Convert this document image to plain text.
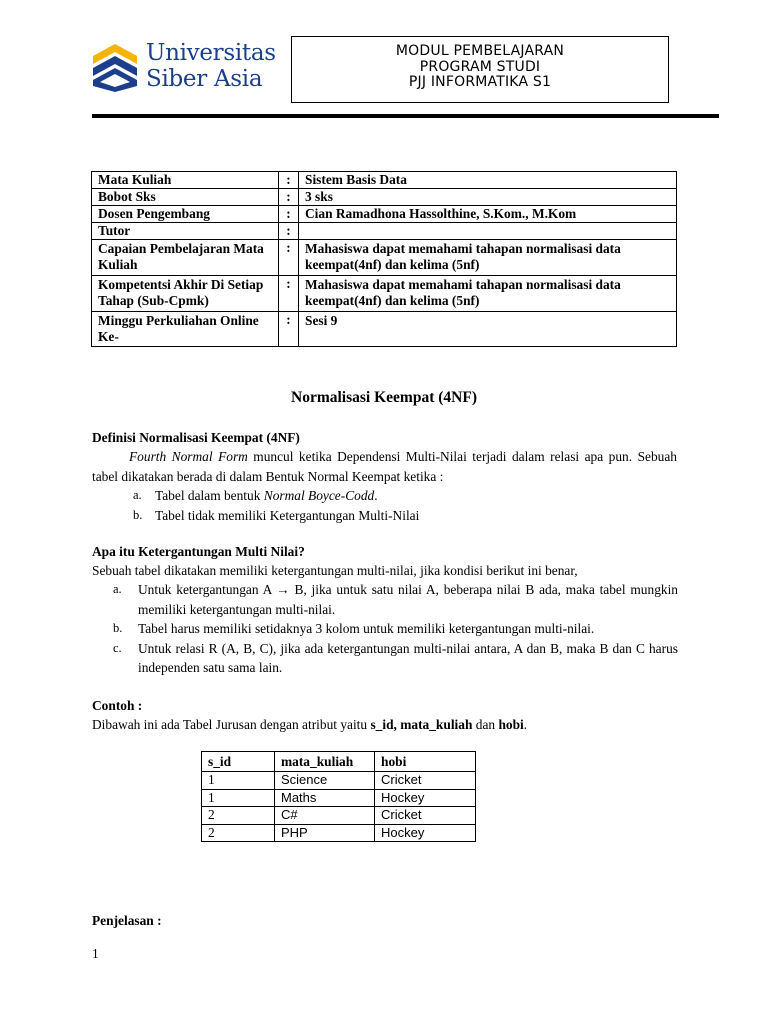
Universitas
Siber Asia
MODUL PEMBELAJARAN
PROGRAM STUDI
PJJ INFORMATIKA S1
Mata Kuliah	:	Sistem Basis Data
Bobot Sks	:	3 sks
Dosen Pengembang	:	Cian Ramadhona Hassolthine, S.Kom., M.Kom
Tutor	:	
Capaian Pembelajaran Mata Kuliah	:	Mahasiswa dapat memahami tahapan normalisasi data keempat(4nf) dan kelima (5nf)
Kompetentsi Akhir Di Setiap Tahap (Sub-Cpmk)	:	Mahasiswa dapat memahami tahapan normalisasi data keempat(4nf) dan kelima (5nf)
Minggu Perkuliahan Online Ke-	:	Sesi 9
Normalisasi Keempat (4NF)
Definisi Normalisasi Keempat (4NF)
Fourth Normal Form muncul ketika Dependensi Multi-Nilai terjadi dalam relasi apa pun. Sebuah tabel dikatakan berada di dalam Bentuk Normal Keempat ketika :
a. Tabel dalam bentuk Normal Boyce-Codd.
b. Tabel tidak memiliki Ketergantungan Multi-Nilai
Apa itu Ketergantungan Multi Nilai?
Sebuah tabel dikatakan memiliki ketergantungan multi-nilai, jika kondisi berikut ini benar,
a. Untuk ketergantungan A → B, jika untuk satu nilai A, beberapa nilai B ada, maka tabel mungkin memiliki ketergantungan multi-nilai.
b. Tabel harus memiliki setidaknya 3 kolom untuk memiliki ketergantungan multi-nilai.
c. Untuk relasi R (A, B, C), jika ada ketergantungan multi-nilai antara, A dan B, maka B dan C harus independen satu sama lain.
Contoh :
Dibawah ini ada Tabel Jurusan dengan atribut yaitu s_id, mata_kuliah dan hobi.
s_id	mata_kuliah	hobi
1	Science	Cricket
1	Maths	Hockey
2	C#	Cricket
2	PHP	Hockey
Penjelasan :
1
